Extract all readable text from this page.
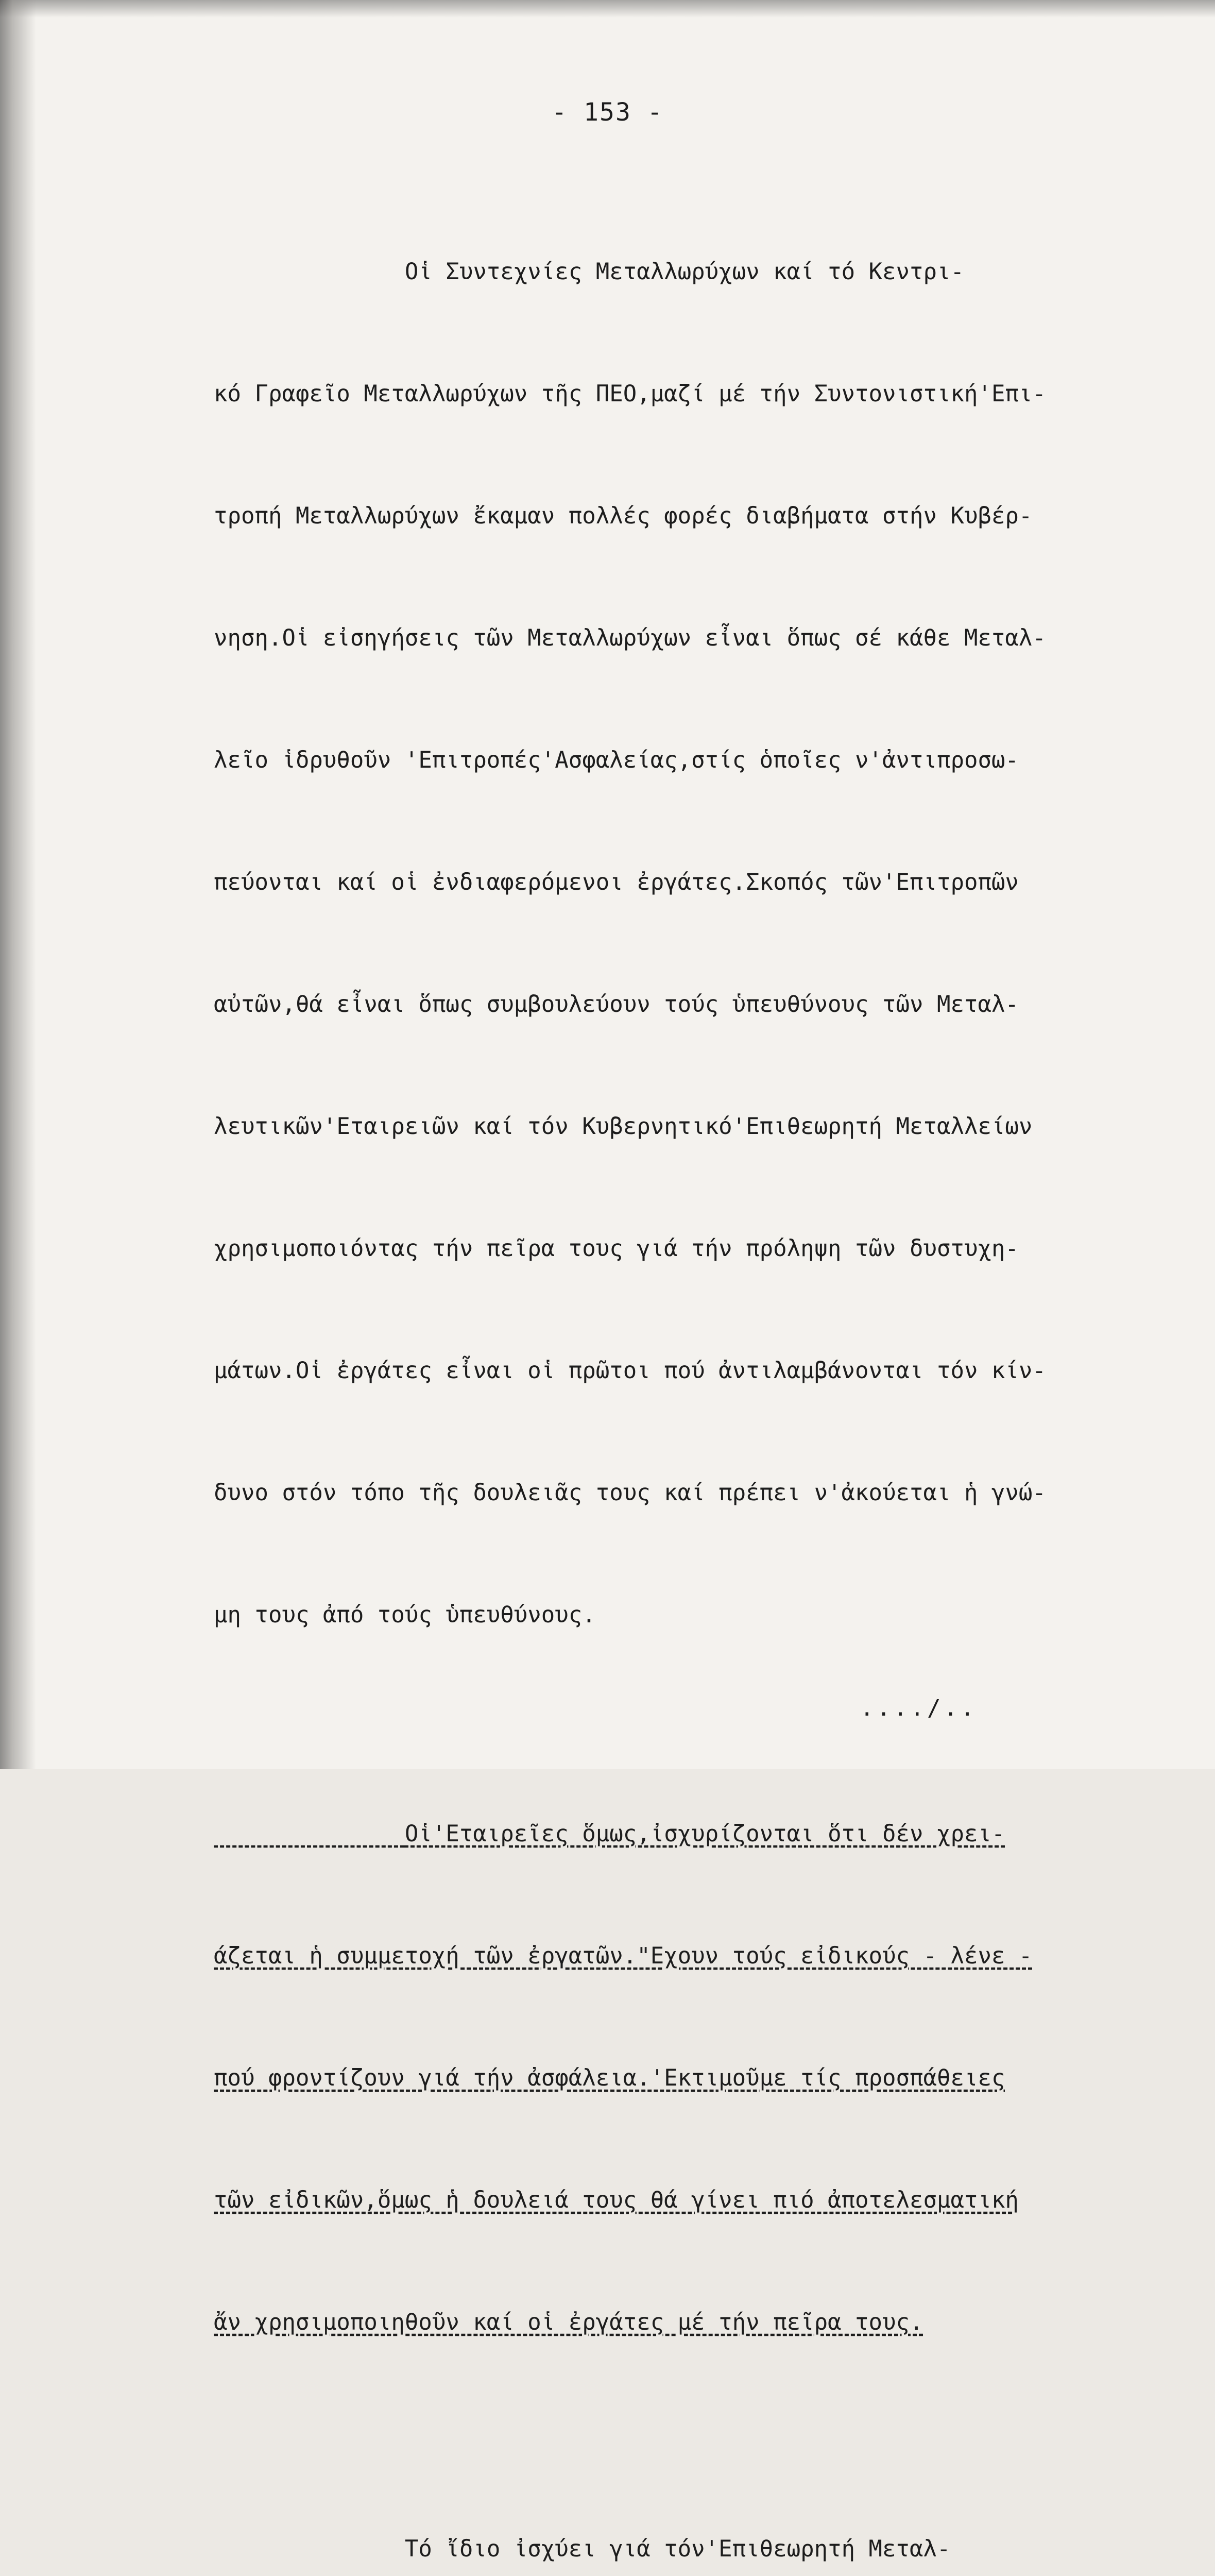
- 153 -

Οἱ Συντεχνίες Μεταλλωρύχων καί τό Κεντρι-

κό Γραφεῖο Μεταλλωρύχων τῆς ΠΕΟ,μαζί μέ τήν Συντονιστική'Επι-

τροπή Μεταλλωρύχων ἔκαμαν πολλές φορές διαβήματα στήν Κυβέρ-

νηση.Οἱ εἰσηγήσεις τῶν Μεταλλωρύχων εἶναι ὅπως σέ κάθε Μεταλ-

λεῖο ἱδρυθοῦν 'Επιτροπές'Ασφαλείας,στίς ὁποῖες ν'ἀντιπροσω-

πεύονται καί οἱ ἐνδιαφερόμενοι ἐργάτες.Σκοπός τῶν'Επιτροπῶν

αὐτῶν,θά εἶναι ὅπως συμβουλεύουν τούς ὑπευθύνους τῶν Μεταλ-

λευτικῶν'Εταιρειῶν καί τόν Κυβερνητικό'Επιθεωρητή Μεταλλείων

χρησιμοποιόντας τήν πεῖρα τους γιά τήν πρόληψη τῶν δυστυχη-

μάτων.Οἱ ἐργάτες εἶναι οἱ πρῶτοι πού ἀντιλαμβάνονται τόν κίν-

δυνο στόν τόπο τῆς δουλειᾶς τους καί πρέπει ν'ἀκούεται ἡ γνώ-

μη τους ἀπό τούς ὑπευθύνους.

Οἱ'Εταιρεῖες ὅμως,ἰσχυρίζονται ὅτι δέν χρει-

άζεται ἡ συμμετοχή τῶν ἐργατῶν."Εχουν τούς εἰδικούς - λένε -

πού φροντίζουν γιά τήν ἀσφάλεια.'Εκτιμοῦμε τίς προσπάθειες

τῶν εἰδικῶν,ὅμως ἡ δουλειά τους θά γίνει πιό ἀποτελεσματική

ἄν χρησιμοποιηθοῦν καί οἱ ἐργάτες μέ τήν πεῖρα τους.

Τό ἴδιο ἰσχύει γιά τόν'Επιθεωρητή Μεταλ-

..../..
